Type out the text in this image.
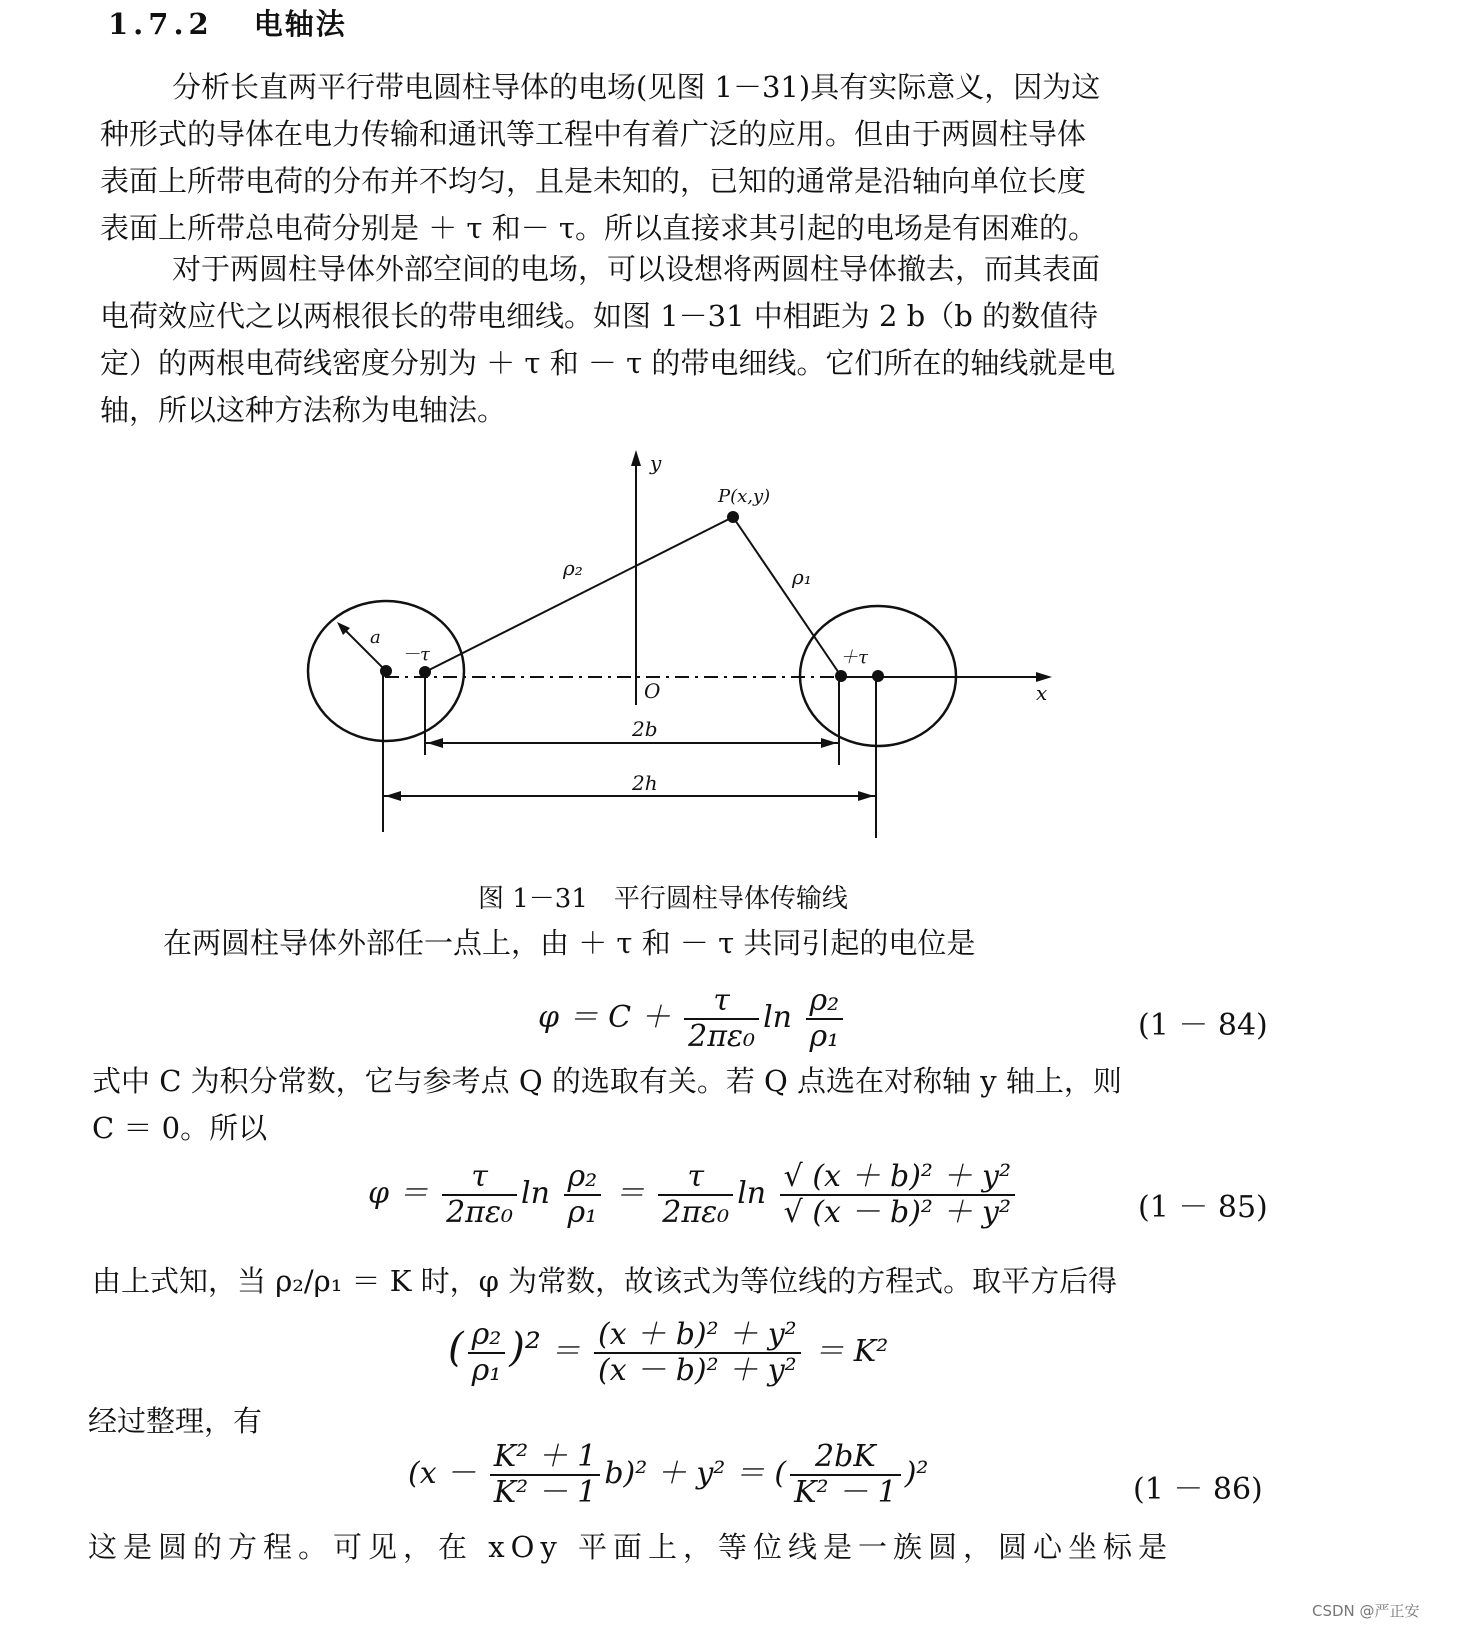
1.7.2 电轴法
分析长直两平行带电圆柱导体的电场(见图 1－31)具有实际意义，因为这
种形式的导体在电力传输和通讯等工程中有着广泛的应用。但由于两圆柱导体
表面上所带电荷的分布并不均匀，且是未知的，已知的通常是沿轴向单位长度
表面上所带总电荷分别是 ＋ τ 和－ τ。所以直接求其引起的电场是有困难的。
对于两圆柱导体外部空间的电场，可以设想将两圆柱导体撤去，而其表面
电荷效应代之以两根很长的带电细线。如图 1－31 中相距为 2 b（b 的数值待
定）的两根电荷线密度分别为 ＋ τ 和 － τ 的带电细线。它们所在的轴线就是电
轴，所以这种方法称为电轴法。
y
x
O
P(x,y)
ρ₁
ρ₂
a
－τ	＋τ
2b
2h
图 1－31　平行圆柱导体传输线
在两圆柱导体外部任一点上，由 ＋ τ 和 － τ 共同引起的电位是
$\varphi = C + \frac{\tau}{\text{2πε₀}}$ $\ln \frac{\text{ρ₂}}{\text{ρ₁}}$	(1 － 84)
式中 C 为积分常数，它与参考点 Q 的选取有关。若 Q 点选在对称轴 y 轴上，则
C ＝ 0。所以
$\varphi = \frac{\tau}{\text{2πε₀}}$ $\ln \frac{\text{ρ₂}}{\text{ρ₁}} = \frac{\tau}{\text{2πε₀}}$ $\ln \frac{\text{√ (x ＋ b)² ＋ y²}}{\text{√ (x － b)² ＋ y²}}$	(1 － 85)
由上式知，当 ρ₂/ρ₁ ＝ K 时，φ 为常数，故该式为等位线的方程式。取平方后得
( $\frac{\text{ρ₂}}{\text{ρ₁}} )^2 = \frac{\text{(x ＋ b)² ＋ y²}}{\text{(x － b)² ＋ y²}} = K^2$
经过整理，有
$(x - \frac{\text{K² ＋ 1}}{\text{K² － 1}} b)^2 + y^2$ ＝ ( $\frac{2bK}{\text{K² － 1}} )^2$	(1 － 86)
这是圆的方程。可见，在 xOy 平面上，等位线是一族圆，圆心坐标是
CSDN @严正安
